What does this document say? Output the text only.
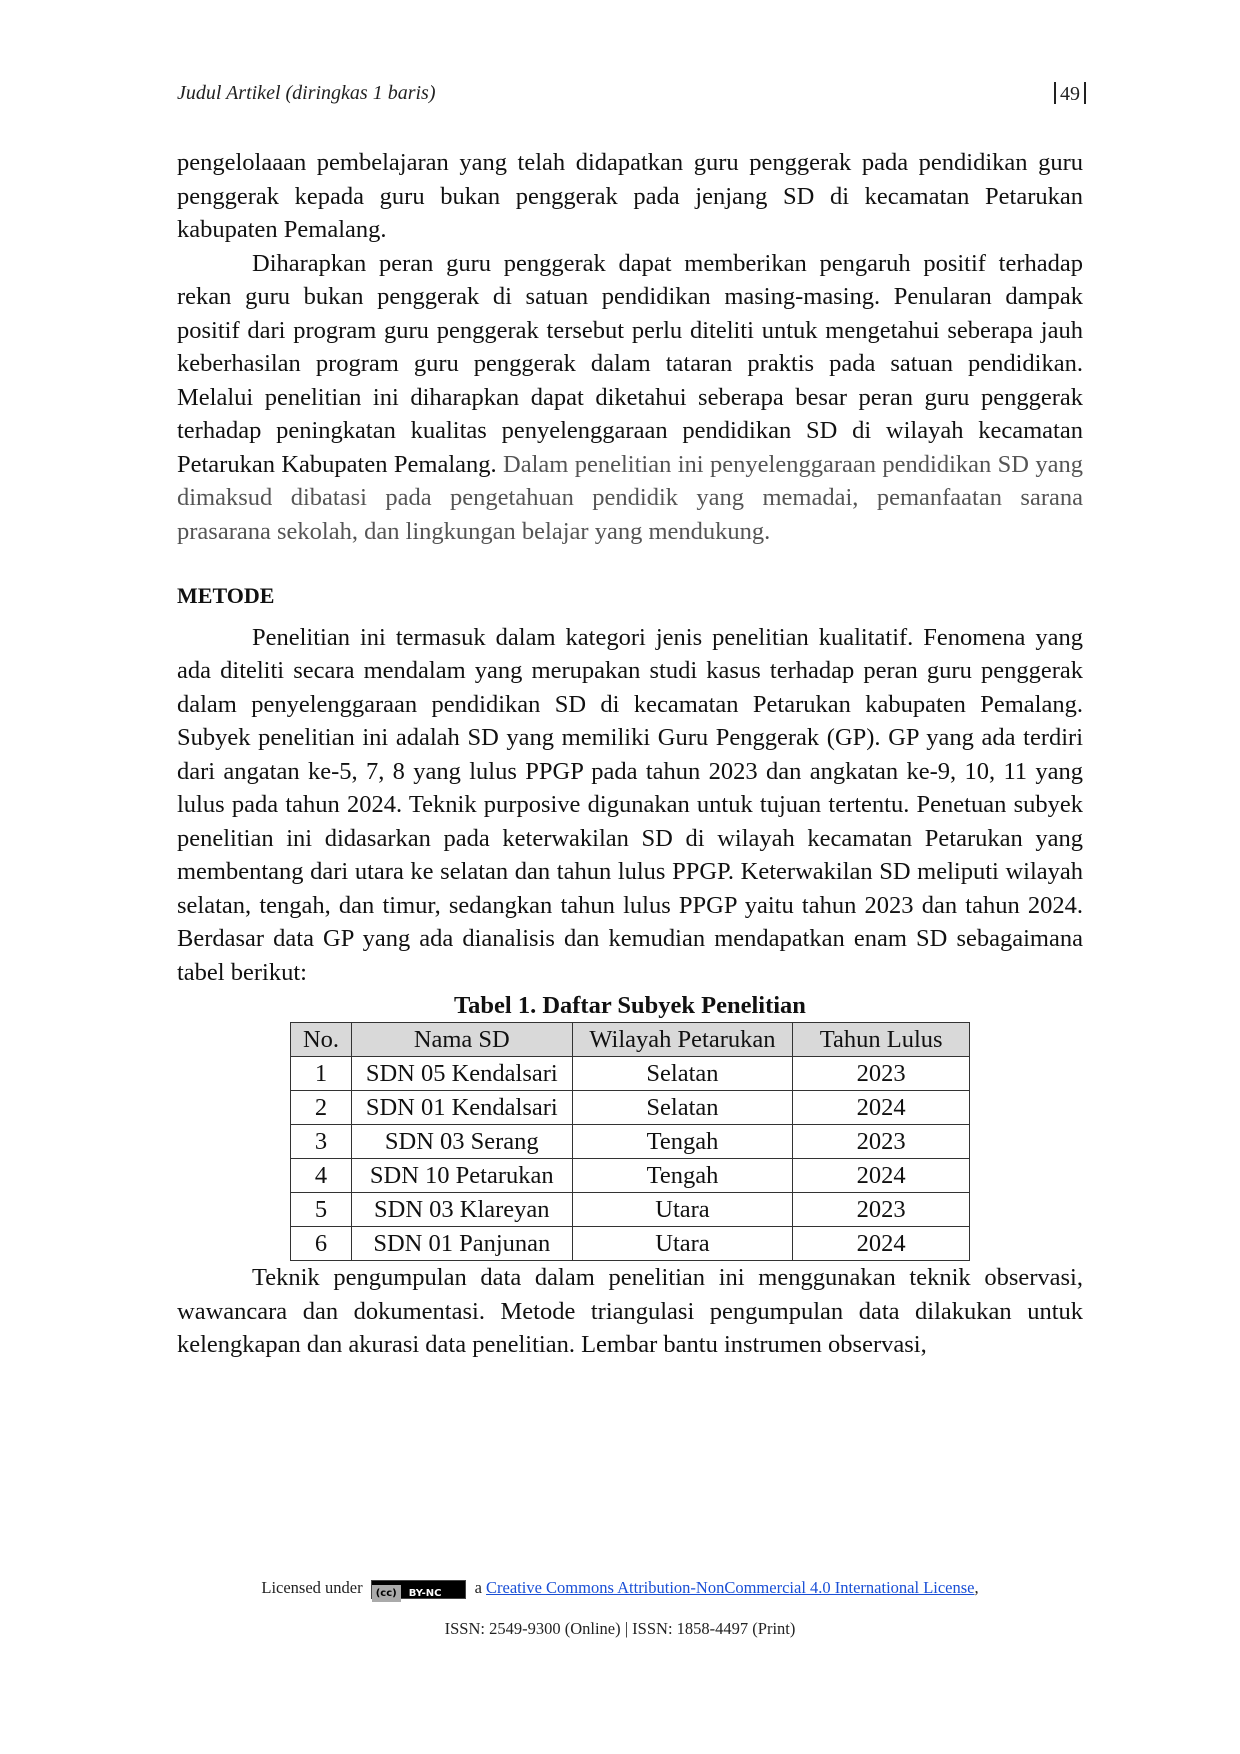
Judul Artikel (diringkas 1 baris)	49

pengelolaaan pembelajaran yang telah didapatkan guru penggerak pada pendidikan guru penggerak kepada guru bukan penggerak pada jenjang SD di kecamatan Petarukan kabupaten Pemalang.

Diharapkan peran guru penggerak dapat memberikan pengaruh positif terhadap rekan guru bukan penggerak di satuan pendidikan masing-masing. Penularan dampak positif dari program guru penggerak tersebut perlu diteliti untuk mengetahui seberapa jauh keberhasilan program guru penggerak dalam tataran praktis pada satuan pendidikan. Melalui penelitian ini diharapkan dapat diketahui seberapa besar peran guru penggerak terhadap peningkatan kualitas penyelenggaraan pendidikan SD di wilayah kecamatan Petarukan Kabupaten Pemalang. Dalam penelitian ini penyelenggaraan pendidikan SD yang dimaksud dibatasi pada pengetahuan pendidik yang memadai, pemanfaatan sarana prasarana sekolah, dan lingkungan belajar yang mendukung.

METODE

Penelitian ini termasuk dalam kategori jenis penelitian kualitatif. Fenomena yang ada diteliti secara mendalam yang merupakan studi kasus terhadap peran guru penggerak dalam penyelenggaraan pendidikan SD di kecamatan Petarukan kabupaten Pemalang. Subyek penelitian ini adalah SD yang memiliki Guru Penggerak (GP). GP yang ada terdiri dari angatan ke-5, 7, 8 yang lulus PPGP pada tahun 2023 dan angkatan ke-9, 10, 11 yang lulus pada tahun 2024. Teknik purposive digunakan untuk tujuan tertentu. Penetuan subyek penelitian ini didasarkan pada keterwakilan SD di wilayah kecamatan Petarukan yang membentang dari utara ke selatan dan tahun lulus PPGP. Keterwakilan SD meliputi wilayah selatan, tengah, dan timur, sedangkan tahun lulus PPGP yaitu tahun 2023 dan tahun 2024. Berdasar data GP yang ada dianalisis dan kemudian mendapatkan enam SD sebagaimana tabel berikut:

Tabel 1. Daftar Subyek Penelitian

No.	Nama SD	Wilayah Petarukan	Tahun Lulus
1	SDN 05 Kendalsari	Selatan	2023
2	SDN 01 Kendalsari	Selatan	2024
3	SDN 03 Serang	Tengah	2023
4	SDN 10 Petarukan	Tengah	2024
5	SDN 03 Klareyan	Utara	2023
6	SDN 01 Panjunan	Utara	2024

Teknik pengumpulan data dalam penelitian ini menggunakan teknik observasi, wawancara dan dokumentasi. Metode triangulasi pengumpulan data dilakukan untuk kelengkapan dan akurasi data penelitian. Lembar bantu instrumen observasi,

Licensed under (cc) BY-NC a Creative Commons Attribution-NonCommercial 4.0 International License,
ISSN: 2549-9300 (Online) | ISSN: 1858-4497 (Print)
